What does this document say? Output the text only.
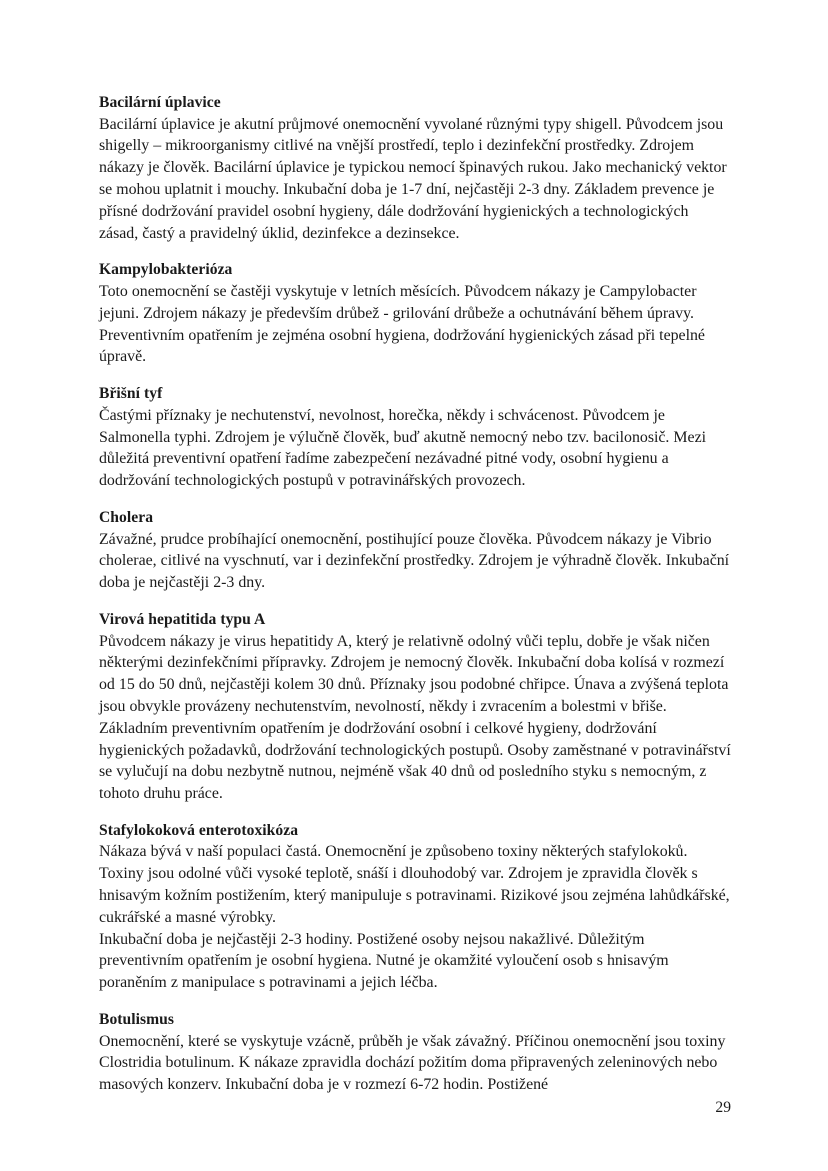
Bacilární úplavice

Bacilární úplavice je akutní průjmové onemocnění vyvolané různými typy shigell. Původcem jsou shigelly – mikroorganismy citlivé na vnější prostředí, teplo i dezinfekční prostředky. Zdrojem nákazy je člověk. Bacilární úplavice je typickou nemocí špinavých rukou. Jako mechanický vektor se mohou uplatnit i mouchy. Inkubační doba je 1-7 dní, nejčastěji 2-3 dny. Základem prevence je přísné dodržování pravidel osobní hygieny, dále dodržování hygienických a technologických zásad, častý a pravidelný úklid, dezinfekce a dezinsekce.

Kampylobakterióza

Toto onemocnění se častěji vyskytuje v letních měsících. Původcem nákazy je Campylobacter jejuni. Zdrojem nákazy je především drůbež - grilování drůbeže a ochutnávání během úpravy. Preventivním opatřením je zejména osobní hygiena, dodržování hygienických zásad při tepelné úpravě.

Břišní tyf

Častými příznaky je nechutenství, nevolnost, horečka, někdy i schvácenost. Původcem je Salmonella typhi. Zdrojem je výlučně člověk, buď akutně nemocný nebo tzv. bacilonosič. Mezi důležitá preventivní opatření řadíme zabezpečení nezávadné pitné vody, osobní hygienu a dodržování technologických postupů v potravinářských provozech.

Cholera

Závažné, prudce probíhající onemocnění, postihující pouze člověka. Původcem nákazy je Vibrio cholerae, citlivé na vyschnutí, var i dezinfekční prostředky. Zdrojem je výhradně člověk. Inkubační doba je nejčastěji 2-3 dny.

Virová hepatitida typu A

Původcem nákazy je virus hepatitidy A, který je relativně odolný vůči teplu, dobře je však ničen některými dezinfekčními přípravky. Zdrojem je nemocný člověk. Inkubační doba kolísá v rozmezí od 15 do 50 dnů, nejčastěji kolem 30 dnů. Příznaky jsou podobné chřipce. Únava a zvýšená teplota jsou obvykle provázeny nechutenstvím, nevolností, někdy i zvracením a bolestmi v břiše.

Základním preventivním opatřením je dodržování osobní i celkové hygieny, dodržování hygienických požadavků, dodržování technologických postupů. Osoby zaměstnané v potravinářství se vylučují na dobu nezbytně nutnou, nejméně však 40 dnů od posledního styku s nemocným, z tohoto druhu práce.

Stafylokoková enterotoxikóza

Nákaza bývá v naší populaci častá. Onemocnění je způsobeno toxiny některých stafylokoků. Toxiny jsou odolné vůči vysoké teplotě, snáší i dlouhodobý var. Zdrojem je zpravidla člověk s hnisavým kožním postižením, který manipuluje s potravinami. Rizikové jsou zejména lahůdkářské, cukrářské a masné výrobky.

Inkubační doba je nejčastěji 2-3 hodiny. Postižené osoby nejsou nakažlivé. Důležitým preventivním opatřením je osobní hygiena. Nutné je okamžité vyloučení osob s hnisavým poraněním z manipulace s potravinami a jejich léčba.

Botulismus

Onemocnění, které se vyskytuje vzácně, průběh je však závažný. Příčinou onemocnění jsou toxiny Clostridia botulinum. K nákaze zpravidla dochází požitím doma připravených zeleninových nebo masových konzerv. Inkubační doba je v rozmezí 6-72 hodin. Postižené

29
